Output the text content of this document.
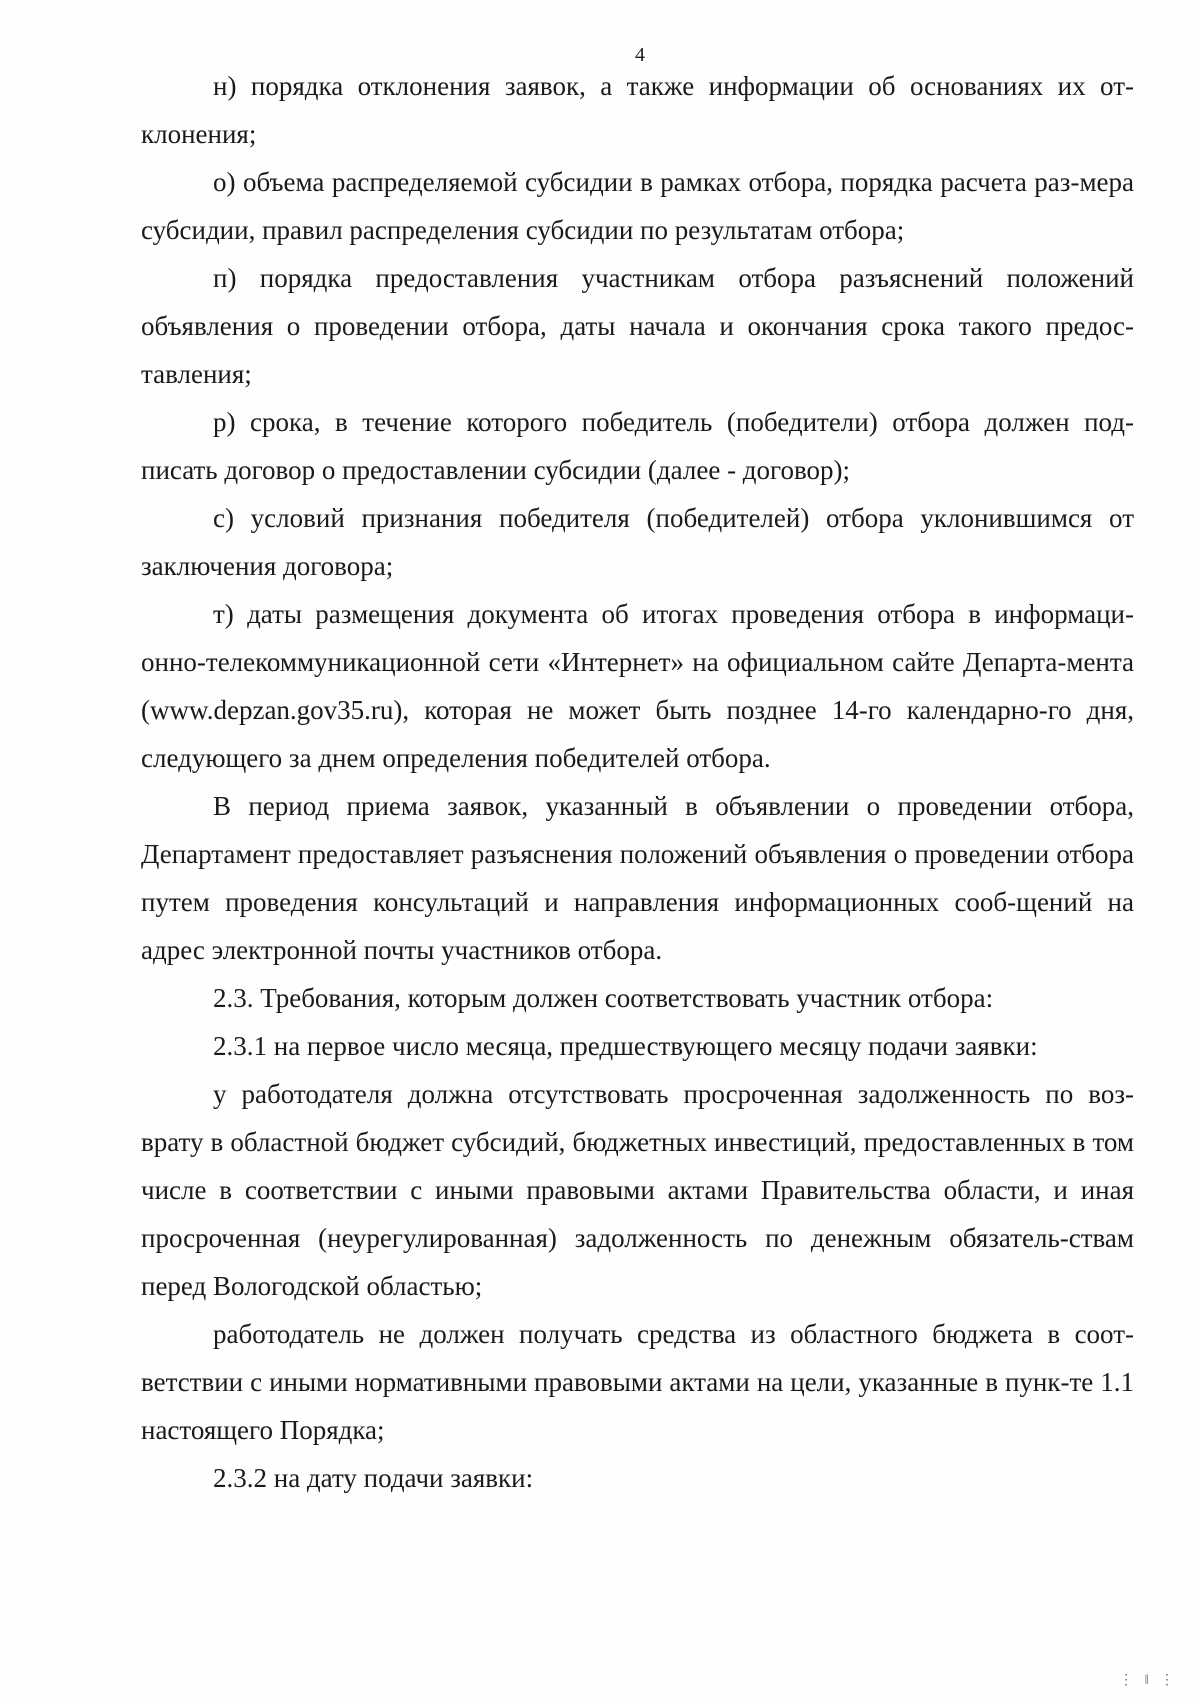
4

н) порядка отклонения заявок, а также информации об основаниях их от-клонения;

о) объема распределяемой субсидии в рамках отбора, порядка расчета раз-мера субсидии, правил распределения субсидии по результатам отбора;

п) порядка предоставления участникам отбора разъяснений положений объявления о проведении отбора, даты начала и окончания срока такого предос-тавления;

р) срока, в течение которого победитель (победители) отбора должен под-писать договор о предоставлении субсидии (далее - договор);

с) условий признания победителя (победителей) отбора уклонившимся от заключения договора;

т) даты размещения документа об итогах проведения отбора в информаци-онно-телекоммуникационной сети «Интернет» на официальном сайте Департа-мента (www.depzan.gov35.ru), которая не может быть позднее 14-го календарно-го дня, следующего за днем определения победителей отбора.

В период приема заявок, указанный в объявлении о проведении отбора, Департамент предоставляет разъяснения положений объявления о проведении отбора путем проведения консультаций и направления информационных сооб-щений на адрес электронной почты участников отбора.

2.3. Требования, которым должен соответствовать участник отбора:

2.3.1 на первое число месяца, предшествующего месяцу подачи заявки:

у работодателя должна отсутствовать просроченная задолженность по воз-врату в областной бюджет субсидий, бюджетных инвестиций, предоставленных в том числе в соответствии с иными правовыми актами Правительства области, и иная просроченная (неурегулированная) задолженность по денежным обязатель-ствам перед Вологодской областью;

работодатель не должен получать средства из областного бюджета в соот-ветствии с иными нормативными правовыми актами на цели, указанные в пунк-те 1.1 настоящего Порядка;

2.3.2 на дату подачи заявки:

⋮ ‖ ⋮
